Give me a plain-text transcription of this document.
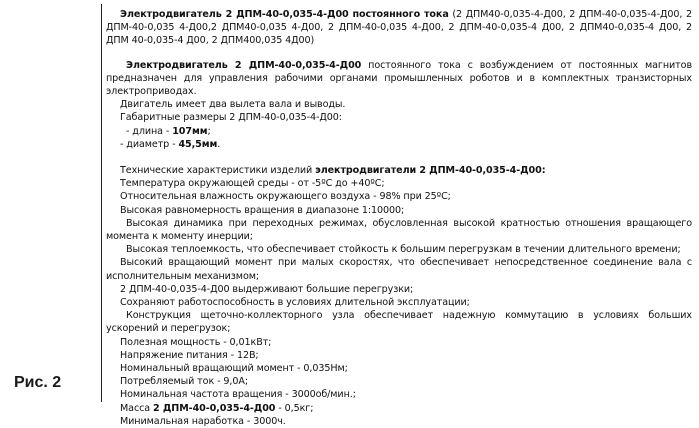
Рис. 2

Электродвигатель 2 ДПМ-40-0,035-4-Д00 постоянного тока (2 ДПМ40-0,035-4-Д00, 2 ДПМ-40-0,035-4-Д00, 2 ДПМ-40-0,035 4-Д00,2 ДПМ40-0,035 4-Д00, 2 ДПМ-40-0,035 4-Д00, 2 ДПМ-40-0,035-4 Д00, 2 ДПМ40-0,035-4 Д00, 2 ДПМ 40-0,035-4 Д00, 2 ДПМ400,035 4Д00)

Электродвигатель 2 ДПМ-40-0,035-4-Д00 постоянного тока с возбуждением от постоянных магнитов предназначен для управления рабочими органами промышленных роботов и в комплектных транзисторных электроприводах.

Двигатель имеет два вылета вала и выводы.

Габаритные размеры 2 ДПМ-40-0,035-4-Д00:

- длина - 107мм;

- диаметр - 45,5мм.

Технические характеристики изделий электродвигатели 2 ДПМ-40-0,035-4-Д00:

Температура окружающей среды - от -5ºC до +40ºC;

Относительная влажность окружающего воздуха - 98% при 25ºC;

Высокая равномерность вращения в диапазоне 1:10000;

Высокая динамика при переходных режимах, обусловленная высокой кратностью отношения вращающего момента к моменту инерции;

Высокая теплоемкость, что обеспечивает стойкость к большим перегрузкам в течении длительного времени;

Высокий вращающий момент при малых скоростях, что обеспечивает непосредственное соединение вала с исполнительным механизмом;

2 ДПМ-40-0,035-4-Д00 выдерживают большие перегрузки;

Сохраняют работоспособность в условиях длительной эксплуатации;

Конструкция щеточно-коллекторного узла обеспечивает надежную коммутацию в условиях больших ускорений и перегрузок;

Полезная мощность - 0,01кВт;

Напряжение питания - 12В;

Номинальный вращающий момент - 0,035Нм;

Потребляемый ток - 9,0А;

Номинальная частота вращения - 3000об/мин.;

Масса 2 ДПМ-40-0,035-4-Д00 - 0,5кг;

Минимальная наработка - 3000ч.
